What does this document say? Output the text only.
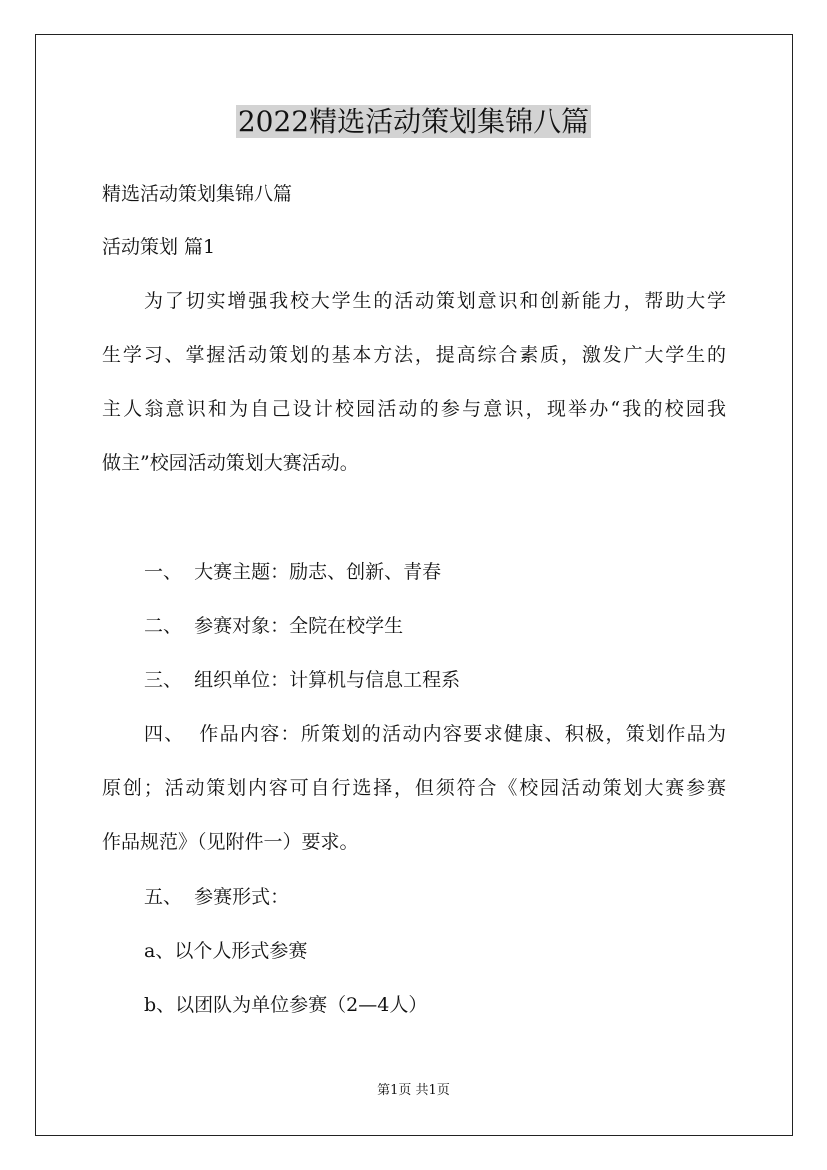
2022精选活动策划集锦八篇
精选活动策划集锦八篇
活动策划 篇1
为了切实增强我校大学生的活动策划意识和创新能力，帮助大学
生学习、掌握活动策划的基本方法，提高综合素质，激发广大学生的
主人翁意识和为自己设计校园活动的参与意识，现举办“我的校园我
做主”校园活动策划大赛活动。
一、  大赛主题：励志、创新、青春
二、  参赛对象：全院在校学生
三、  组织单位：计算机与信息工程系
四、  作品内容：所策划的活动内容要求健康、积极，策划作品为
原创；活动策划内容可自行选择，但须符合《校园活动策划大赛参赛
作品规范》（见附件一）要求。
五、  参赛形式：
a、以个人形式参赛
b、以团队为单位参赛（2—4人）
第1页 共1页
